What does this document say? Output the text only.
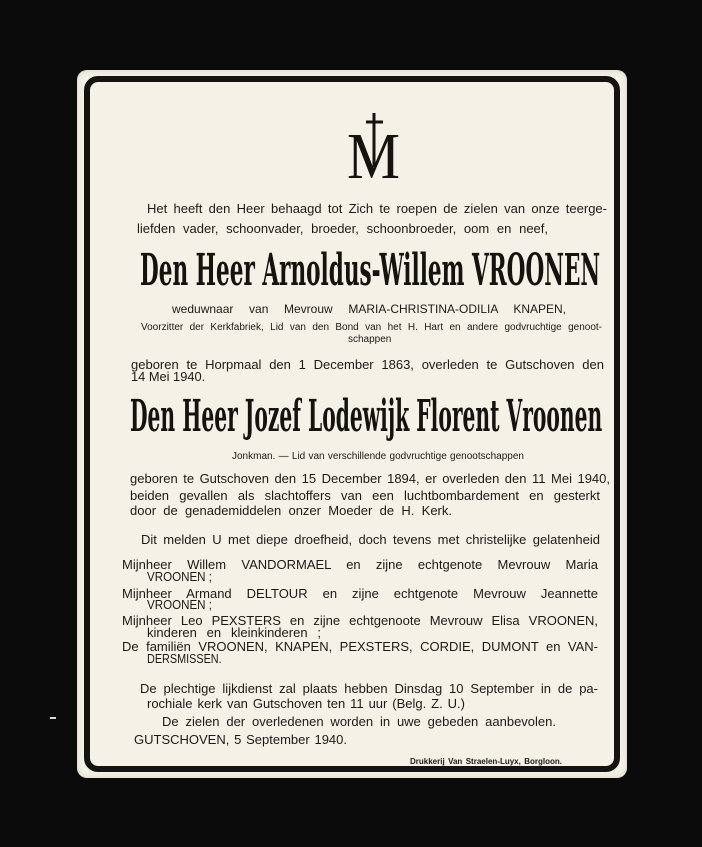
M
Het heeft den Heer behaagd tot Zich te roepen de zielen van onze teerge-
liefden vader, schoonvader, broeder, schoonbroeder, oom en neef,
Den Heer Arnoldus-Willem VROONEN
weduwnaar van Mevrouw MARIA-CHRISTINA-ODILIA KNAPEN,
Voorzitter der Kerkfabriek, Lid van den Bond van het H. Hart en andere godvruchtige genoot-
schappen
geboren te Horpmaal den 1 December 1863, overleden te Gutschoven den
14 Mei 1940.
Den Heer Jozef Lodewijk Florent Vroonen
Jonkman. — Lid van verschillende godvruchtige genootschappen
geboren te Gutschoven den 15 December 1894, er overleden den 11 Mei 1940,
beiden gevallen als slachtoffers van een luchtbombardement en gesterkt
door de genademiddelen onzer Moeder de H. Kerk.
Dit melden U met diepe droefheid, doch tevens met christelijke gelatenheid
Mijnheer Willem VANDORMAEL en zijne echtgenote Mevrouw Maria
VROONEN ;
Mijnheer Armand DELTOUR en zijne echtgenote Mevrouw Jeannette
VROONEN ;
Mijnheer Leo PEXSTERS en zijne echtgenoote Mevrouw Elisa VROONEN,
kinderen en kleinkinderen ;
De familiën VROONEN, KNAPEN, PEXSTERS, CORDIE, DUMONT en VAN-
DERSMISSEN.
De plechtige lijkdienst zal plaats hebben Dinsdag 10 September in de pa-
rochiale kerk van Gutschoven ten 11 uur (Belg. Z. U.)
De zielen der overledenen worden in uwe gebeden aanbevolen.
GUTSCHOVEN, 5 September 1940.
Drukkerij Van Straelen-Luyx, Borgloon.
